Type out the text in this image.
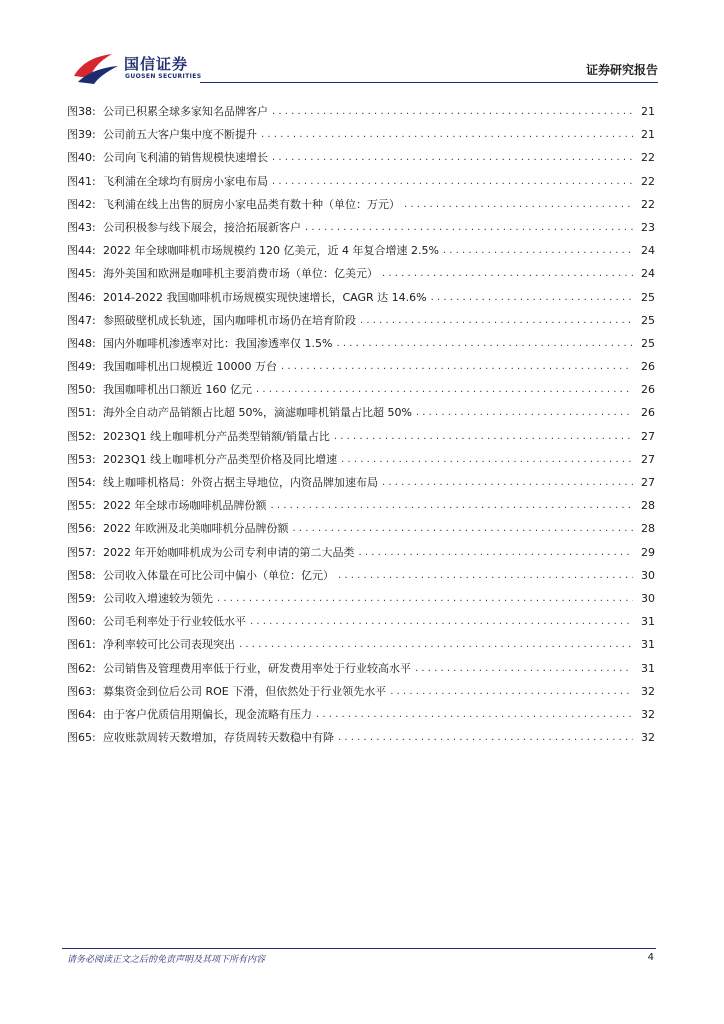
国信证券
GUOSEN SECURITIES	证券研究报告
图38: 公司已积累全球多家知名品牌客户 .....	21
图39: 公司前五大客户集中度不断提升 .....	21
图40: 公司向飞利浦的销售规模快速增长 .....	22
图41: 飞利浦在全球均有厨房小家电布局 .....	22
图42: 飞利浦在线上出售的厨房小家电品类有数十种（单位：万元） .....	22
图43: 公司积极参与线下展会，接洽拓展新客户 .....	23
图44: 2022 年全球咖啡机市场规模约 120 亿美元，近 4 年复合增速 2.5% .....	24
图45: 海外美国和欧洲是咖啡机主要消费市场（单位：亿美元） .....	24
图46: 2014-2022 我国咖啡机市场规模实现快速增长，CAGR 达 14.6% .....	25
图47: 参照破壁机成长轨迹，国内咖啡机市场仍在培育阶段 .....	25
图48: 国内外咖啡机渗透率对比：我国渗透率仅 1.5% .....	25
图49: 我国咖啡机出口规模近 10000 万台 .....	26
图50: 我国咖啡机出口额近 160 亿元 .....	26
图51: 海外全自动产品销额占比超 50%，滴滤咖啡机销量占比超 50% .....	26
图52: 2023Q1 线上咖啡机分产品类型销额/销量占比 .....	27
图53: 2023Q1 线上咖啡机分产品类型价格及同比增速 .....	27
图54: 线上咖啡机格局：外资占据主导地位，内资品牌加速布局 .....	27
图55: 2022 年全球市场咖啡机品牌份额 .....	28
图56: 2022 年欧洲及北美咖啡机分品牌份额 .....	28
图57: 2022 年开始咖啡机成为公司专利申请的第二大品类 .....	29
图58: 公司收入体量在可比公司中偏小（单位：亿元） .....	30
图59: 公司收入增速较为领先 .....	30
图60: 公司毛利率处于行业较低水平 .....	31
图61: 净利率较可比公司表现突出 .....	31
图62: 公司销售及管理费用率低于行业，研发费用率处于行业较高水平 .....	31
图63: 募集资金到位后公司 ROE 下滑，但依然处于行业领先水平 .....	32
图64: 由于客户优质信用期偏长，现金流略有压力 .....	32
图65: 应收账款周转天数增加，存货周转天数稳中有降 .....	32
请务必阅读正文之后的免责声明及其项下所有内容	4
